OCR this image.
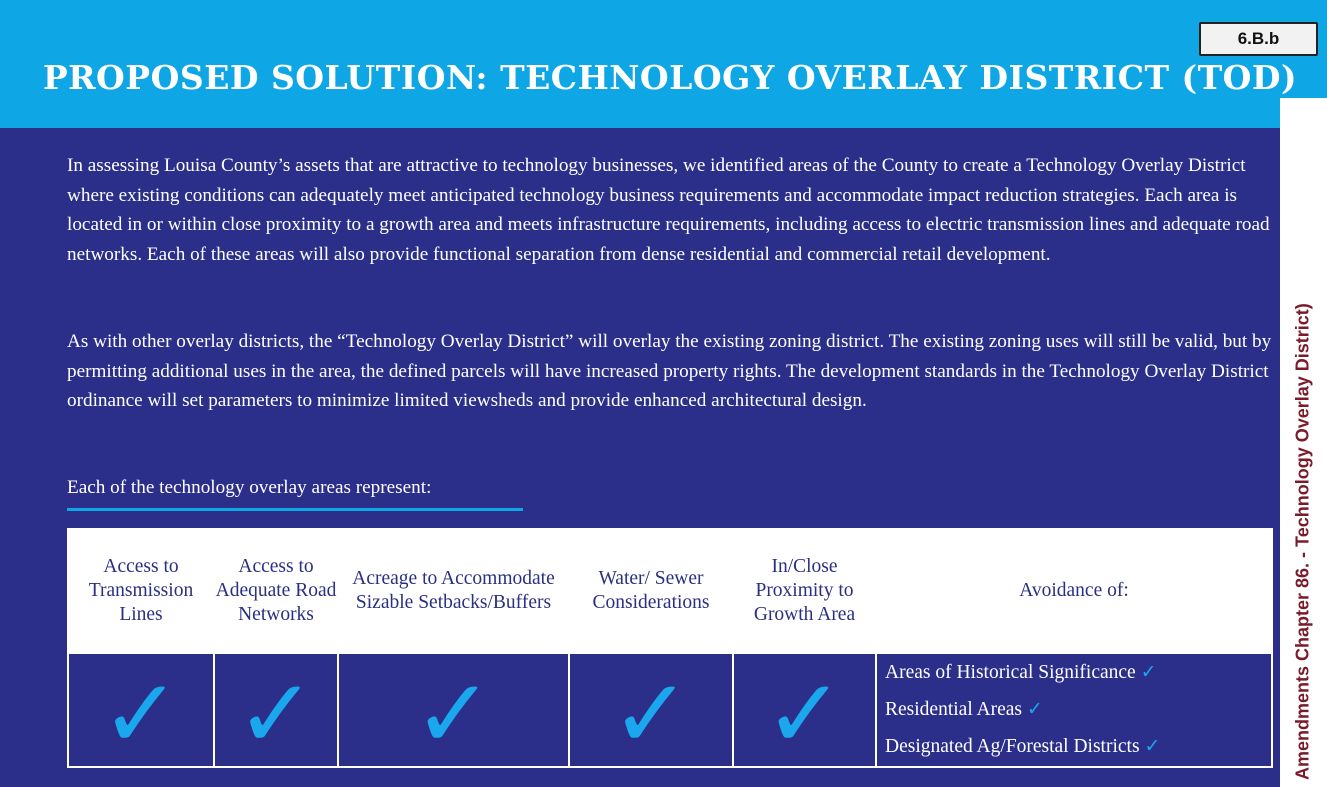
6.B.b
PROPOSED SOLUTION: TECHNOLOGY OVERLAY DISTRICT (TOD)
Amendments Chapter 86. - Technology Overlay District)

In assessing Louisa County’s assets that are attractive to technology businesses, we identified areas of the County to create a Technology Overlay District where existing conditions can adequately meet anticipated technology business requirements and accommodate impact reduction strategies. Each area is located in or within close proximity to a growth area and meets infrastructure requirements, including access to electric transmission lines and adequate road networks. Each of these areas will also provide functional separation from dense residential and commercial retail development.

As with other overlay districts, the “Technology Overlay District” will overlay the existing zoning district. The existing zoning uses will still be valid, but by permitting additional uses in the area, the defined parcels will have increased property rights. The development standards in the Technology Overlay District ordinance will set parameters to minimize limited viewsheds and provide enhanced architectural design.

Each of the technology overlay areas represent:
Access to Transmission Lines	Access to Adequate Road Networks	Acreage to Accommodate Sizable Setbacks/Buffers	Water/ Sewer Considerations	In/Close Proximity to Growth Area	Avoidance of:
✓	✓	✓	✓	✓	Areas of Historical Significance ✓
Residential Areas ✓
Designated Ag/Forestal Districts ✓
